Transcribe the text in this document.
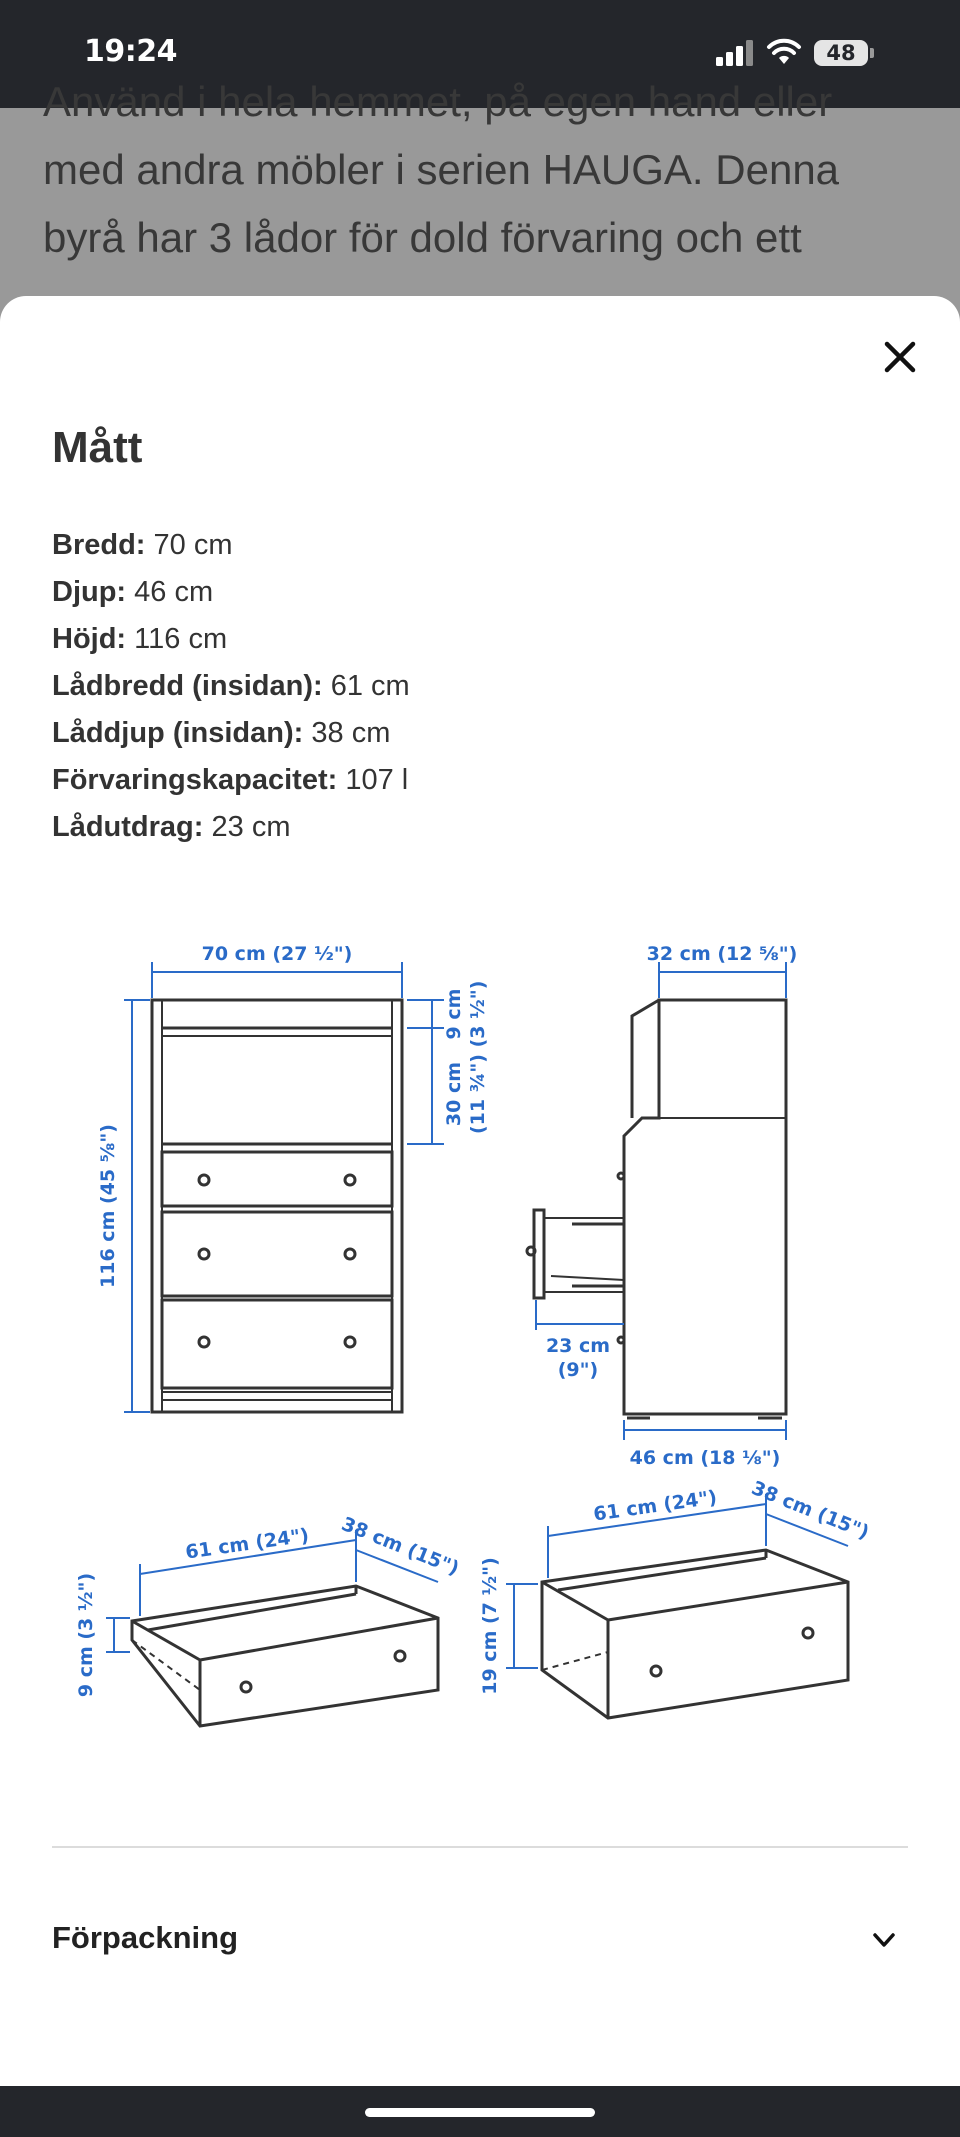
19:24	48
Använd i hela hemmet, på egen hand eller
med andra möbler i serien HAUGA. Denna
byrå har 3 lådor för dold förvaring och ett
Mått
Bredd: 70 cm
Djup: 46 cm
Höjd: 116 cm
Lådbredd (insidan): 61 cm
Låddjup (insidan): 38 cm
Förvaringskapacitet: 107 l
Lådutdrag: 23 cm
70 cm (27 ½")
116 cm (45 ⅝")
9 cm (3 ½")
30 cm (11 ¾")
32 cm (12 ⅝")
23 cm
(9")
46 cm (18 ⅛")
61 cm (24") 38 cm (15")
9 cm (3 ½")
61 cm (24") 38 cm (15")
19 cm (7 ½")
Förpackning
